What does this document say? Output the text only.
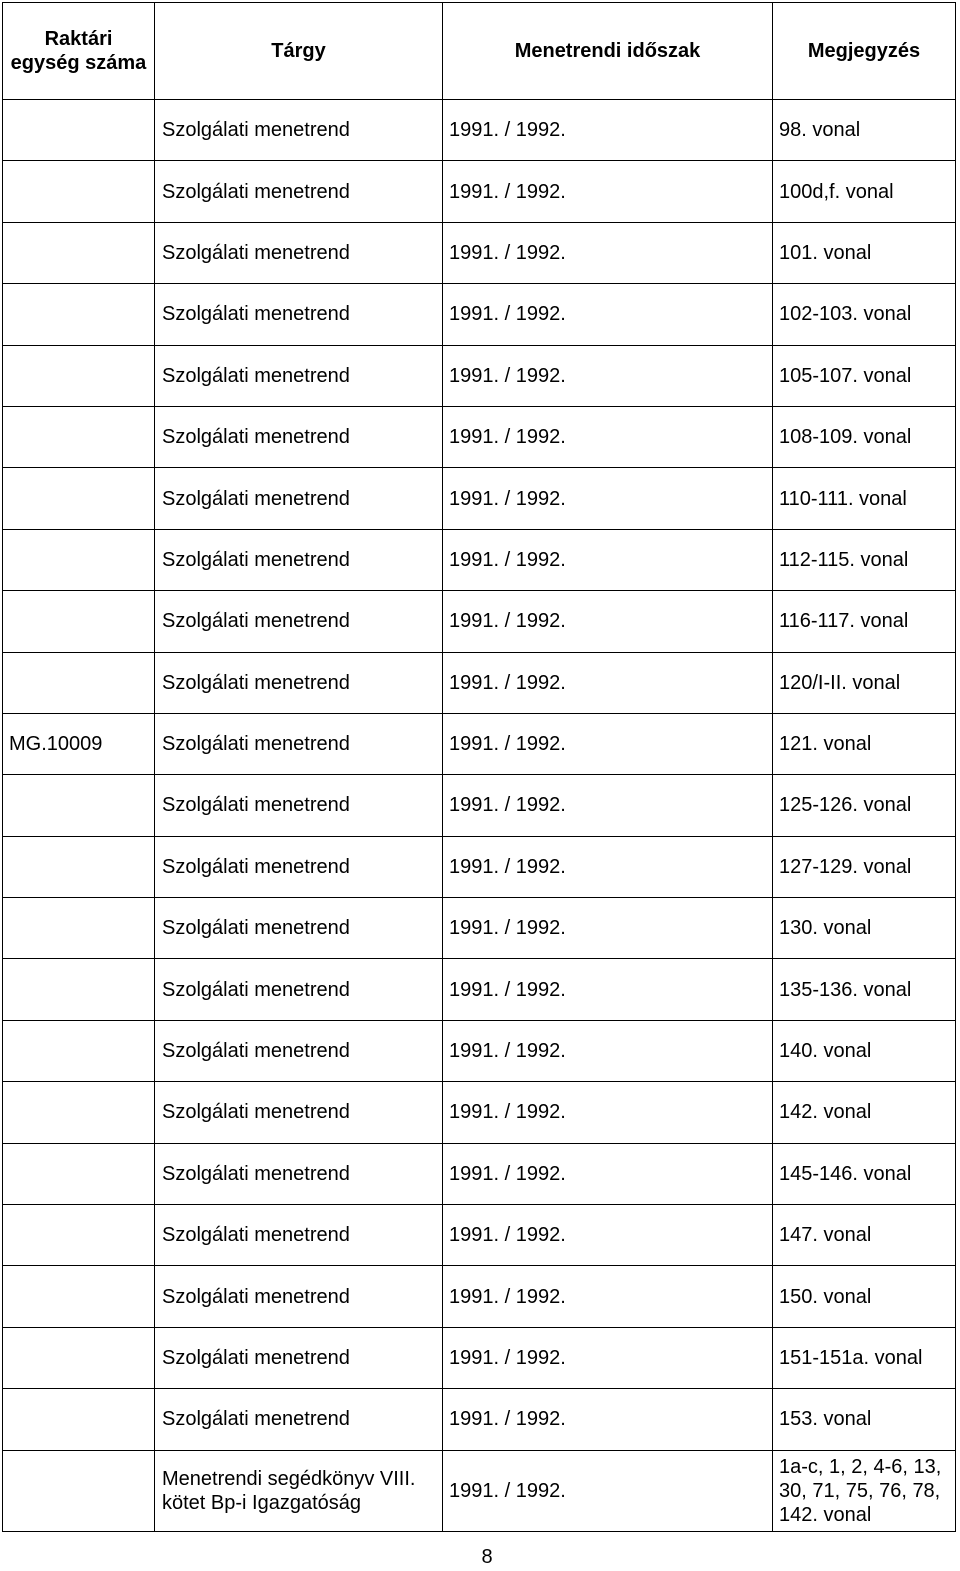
Raktári egység száma	Tárgy	Menetrendi időszak	Megjegyzés
	Szolgálati menetrend	1991. / 1992.	98. vonal
	Szolgálati menetrend	1991. / 1992.	100d,f. vonal
	Szolgálati menetrend	1991. / 1992.	101. vonal
	Szolgálati menetrend	1991. / 1992.	102-103. vonal
	Szolgálati menetrend	1991. / 1992.	105-107. vonal
	Szolgálati menetrend	1991. / 1992.	108-109. vonal
	Szolgálati menetrend	1991. / 1992.	110-111. vonal
	Szolgálati menetrend	1991. / 1992.	112-115. vonal
	Szolgálati menetrend	1991. / 1992.	116-117. vonal
	Szolgálati menetrend	1991. / 1992.	120/I-II. vonal
MG.10009	Szolgálati menetrend	1991. / 1992.	121. vonal
	Szolgálati menetrend	1991. / 1992.	125-126. vonal
	Szolgálati menetrend	1991. / 1992.	127-129. vonal
	Szolgálati menetrend	1991. / 1992.	130. vonal
	Szolgálati menetrend	1991. / 1992.	135-136. vonal
	Szolgálati menetrend	1991. / 1992.	140. vonal
	Szolgálati menetrend	1991. / 1992.	142. vonal
	Szolgálati menetrend	1991. / 1992.	145-146. vonal
	Szolgálati menetrend	1991. / 1992.	147. vonal
	Szolgálati menetrend	1991. / 1992.	150. vonal
	Szolgálati menetrend	1991. / 1992.	151-151a. vonal
	Szolgálati menetrend	1991. / 1992.	153. vonal
	Menetrendi segédkönyv VIII. kötet Bp-i Igazgatóság	1991. / 1992.	1a-c, 1, 2, 4-6, 13, 30, 71, 75, 76, 78, 142. vonal
8
